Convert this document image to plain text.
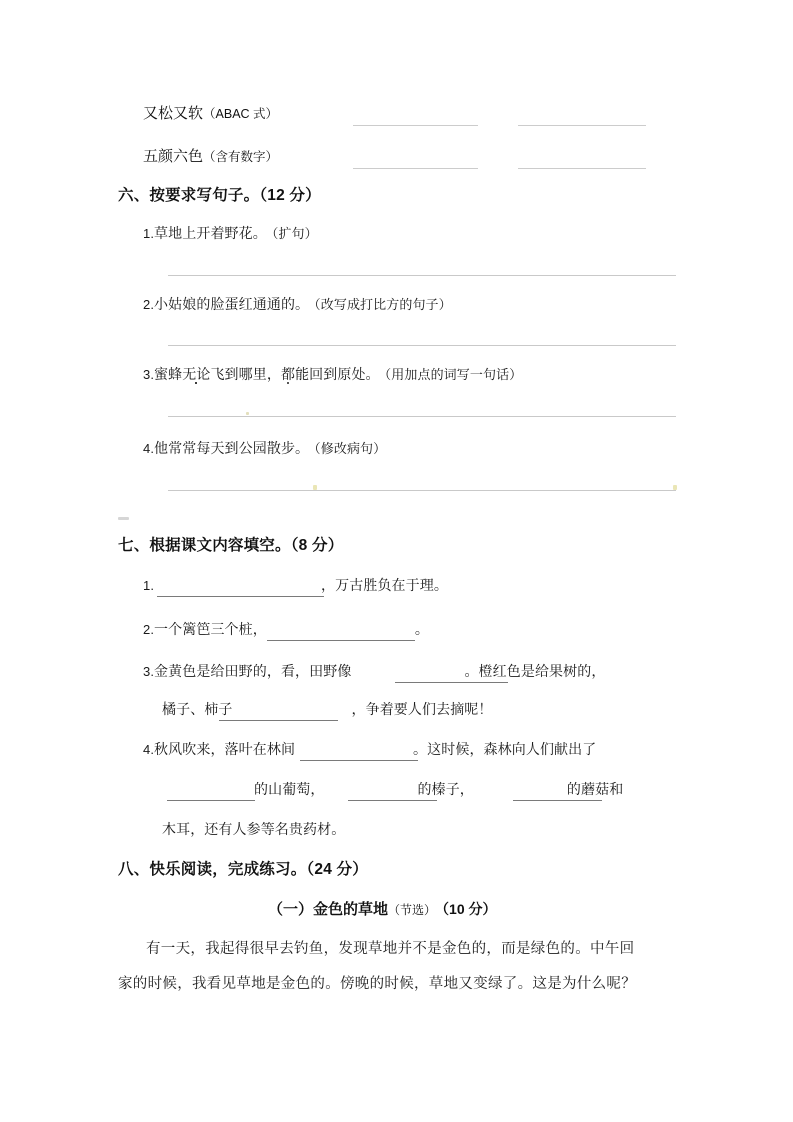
又松又软（ABAC 式）
五颜六色（含有数字）
六、按要求写句子。（12 分）
1.草地上开着野花。 （扩句）
2.小姑娘的脸蛋红通通的。 （改写成打比方的句子）
3.蜜蜂无论飞到哪里，都能回到原处。 （用加点的词写一句话）
4.他常常每天到公园散步。 （修改病句）
七、根据课文内容填空。（8 分）
1.	，万古胜负在于理。
2.一个篱笆三个桩，	。
3.金黄色是给田野的，看，田野像	。橙红色是给果树的，
橘子、柿子	，争着要人们去摘呢！
4.秋风吹来，落叶在林间	。这时候，森林向人们献出了
的山葡萄，	的榛子，	的蘑菇和
木耳，还有人参等名贵药材。
八、快乐阅读，完成练习。（24 分）
（一）金色的草地（节选） （10 分）
有一天，我起得很早去钓鱼，发现草地并不是金色的，而是绿色的。中午回
家的时候，我看见草地是金色的。傍晚的时候，草地又变绿了。这是为什么呢？
